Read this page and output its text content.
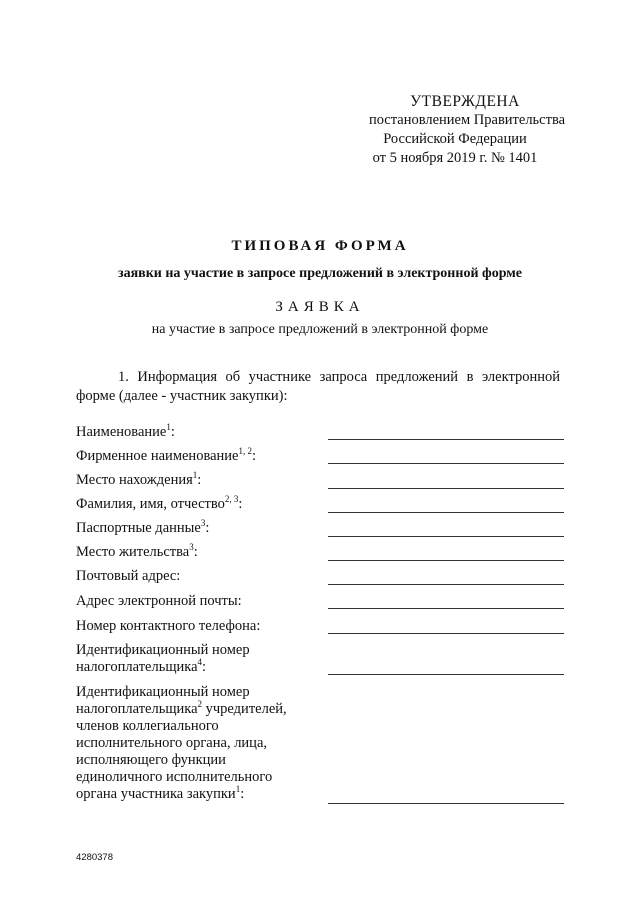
УТВЕРЖДЕНА
постановлением Правительства
Российской Федерации
от 5 ноября 2019 г. № 1401
ТИПОВАЯ ФОРМА
заявки на участие в запросе предложений в электронной форме
ЗАЯВКА
на участие в запросе предложений в электронной форме
1. Информация об участнике запроса предложений в электронной форме (далее - участник закупки):
Наименование$^1$:
Фирменное наименование$^{1, 2}$:
Место нахождения$^1$:
Фамилия, имя, отчество$^{2, 3}$:
Паспортные данные$^3$:
Место жительства$^3$:
Почтовый адрес:
Адрес электронной почты:
Номер контактного телефона:
Идентификационный номер налогоплательщика$^4$:
Идентификационный номер налогоплательщика$^2$ учредителей, членов коллегиального исполнительного органа, лица, исполняющего функции единоличного исполнительного органа участника закупки$^1$:
4280378
